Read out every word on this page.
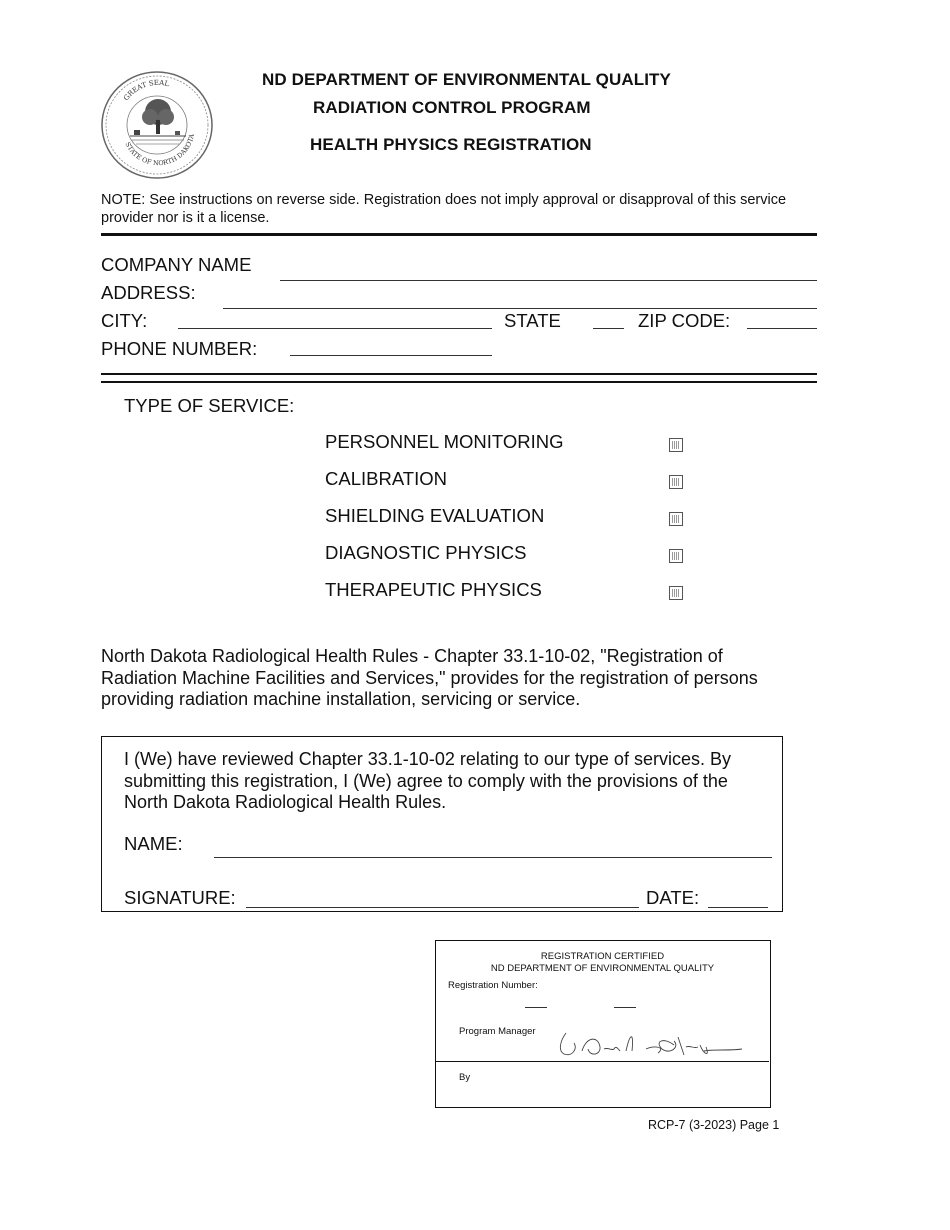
GREAT SEAL
STATE OF NORTH DAKOTA
ND DEPARTMENT OF ENVIRONMENTAL QUALITY
RADIATION CONTROL PROGRAM
HEALTH PHYSICS REGISTRATION
NOTE: See instructions on reverse side. Registration does not imply approval or disapproval of this service provider nor is it a license.
COMPANY NAME
ADDRESS:
CITY:	STATE	ZIP CODE:
PHONE NUMBER:
TYPE OF SERVICE:
PERSONNEL MONITORING
CALIBRATION
SHIELDING EVALUATION
DIAGNOSTIC PHYSICS
THERAPEUTIC PHYSICS
North Dakota Radiological Health Rules - Chapter 33.1-10-02, "Registration of Radiation Machine Facilities and Services," provides for the registration of persons providing radiation machine installation, servicing or service.
I (We) have reviewed Chapter 33.1-10-02 relating to our type of services. By submitting this registration, I (We) agree to comply with the provisions of the North Dakota Radiological Health Rules.
NAME:
SIGNATURE:	DATE:
REGISTRATION CERTIFIED
ND DEPARTMENT OF ENVIRONMENTAL QUALITY
Registration Number:
Program Manager
By
RCP-7 (3-2023) Page 1
